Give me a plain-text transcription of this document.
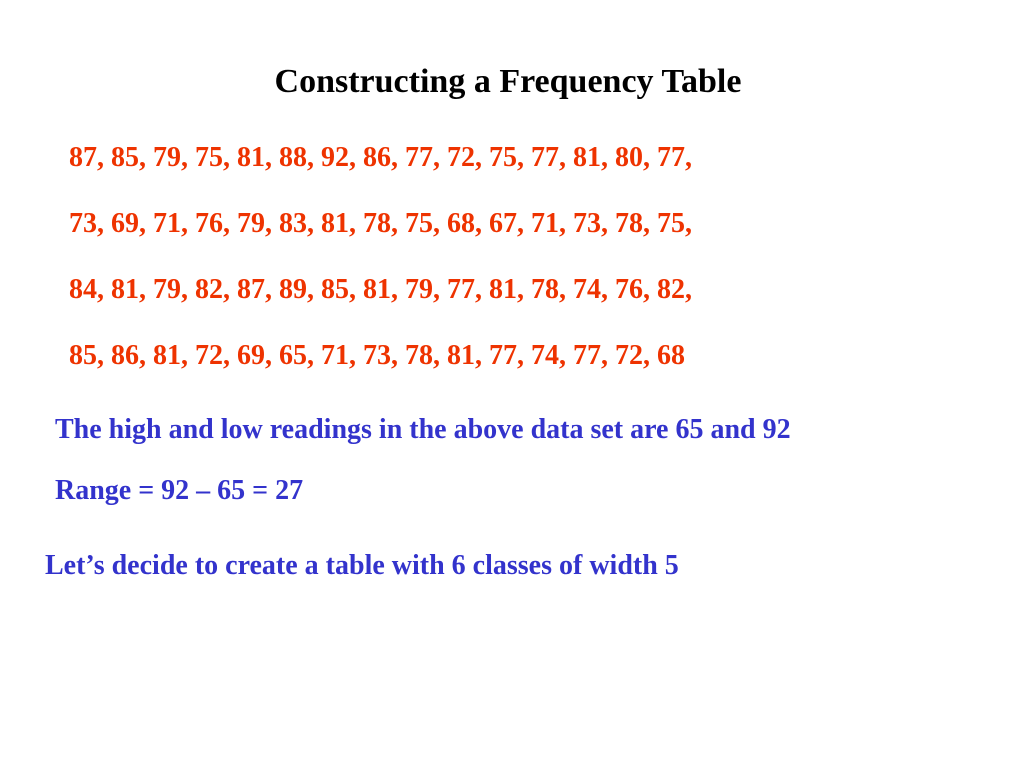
Constructing a Frequency Table
87, 85, 79, 75, 81, 88, 92, 86, 77, 72, 75, 77, 81, 80, 77,
73, 69, 71, 76, 79, 83, 81, 78, 75, 68, 67, 71, 73, 78, 75,
84, 81, 79, 82, 87, 89, 85, 81, 79, 77, 81, 78, 74, 76, 82,
85, 86, 81, 72, 69, 65, 71, 73, 78, 81, 77, 74, 77, 72, 68
The high and low readings in the above data set are 65 and 92
Range = 92 – 65 = 27
Let’s decide to create a table with 6 classes of width 5
